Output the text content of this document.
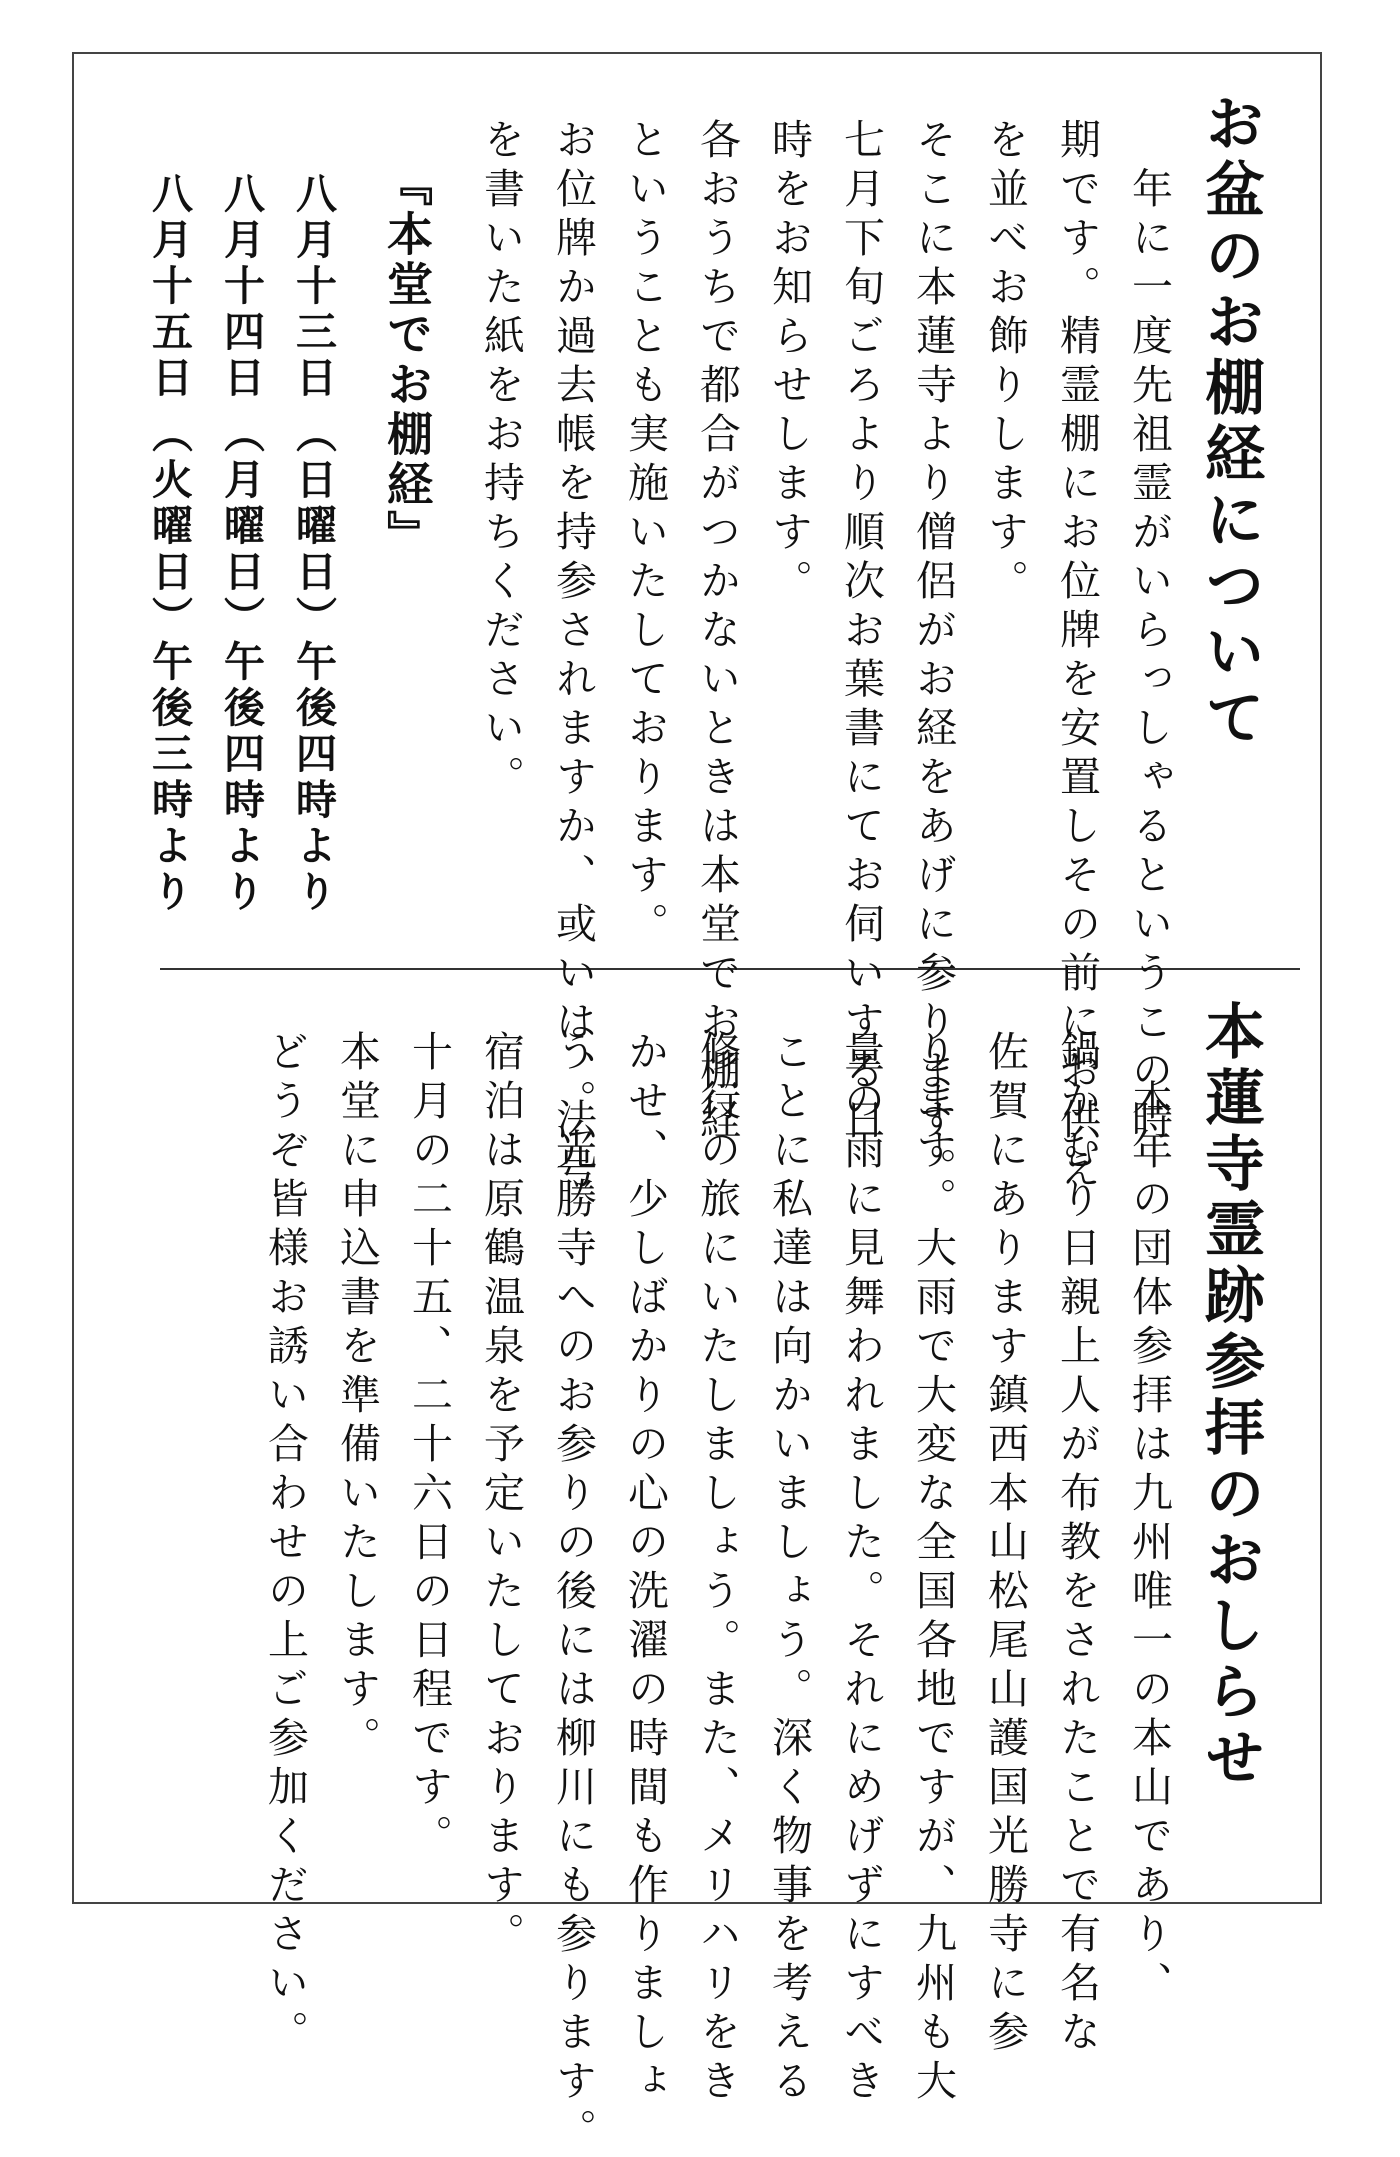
お盆のお棚経について
　年に一度先祖霊がいらっしゃるというこの時
期です。精霊棚にお位牌を安置しその前にお供え
を並べお飾りします。
そこに本蓮寺より僧侶がお経をあげに参ります。
七月下旬ごろより順次お葉書にてお伺いする日
時をお知らせします。
各おうちで都合がつかないときは本堂でお棚経
ということも実施いたしております。
お位牌か過去帳を持参されますか、或いは、法号
を書いた紙をお持ちください。
『本堂でお棚経』
八月十三日
（日曜日）
午後四時より
八月十四日
（月曜日）
午後四時より
八月十五日
（火曜日）
午後三時より
本蓮寺霊跡参拝のおしらせ
　本年の団体参拝は九州唯一の本山であり、
鍋かむり日親上人が布教をされたことで有名な
佐賀にあります鎮西本山松尾山護国光勝寺に参
ります。大雨で大変な全国各地ですが、九州も大
量の雨に見舞われました。それにめげずにすべき
ことに私達は向かいましょう。深く物事を考える
修行の旅にいたしましょう。また、メリハリをき
かせ、少しばかりの心の洗濯の時間も作りましょ
う。光勝寺へのお参りの後には柳川にも参ります。
宿泊は原鶴温泉を予定いたしております。
十月の二十五、二十六日の日程です。
本堂に申込書を準備いたします。
どうぞ皆様お誘い合わせの上ご参加ください。
